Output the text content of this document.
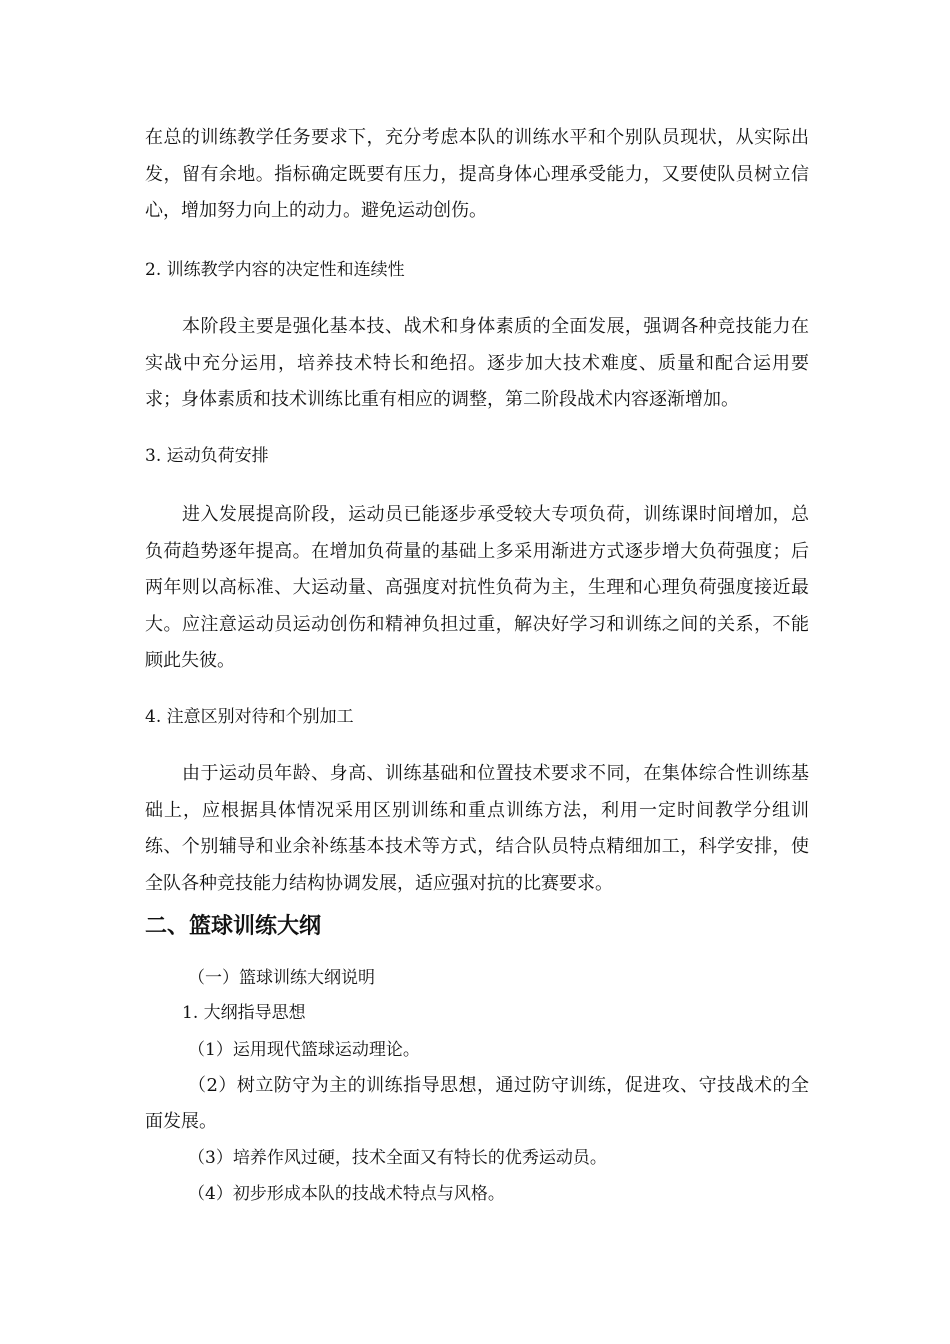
在总的训练教学任务要求下，充分考虑本队的训练水平和个别队员现状，从实际出发，留有余地。指标确定既要有压力，提高身体心理承受能力，又要使队员树立信心，增加努力向上的动力。避免运动创伤。

2. 训练教学内容的决定性和连续性

本阶段主要是强化基本技、战术和身体素质的全面发展，强调各种竞技能力在实战中充分运用，培养技术特长和绝招。逐步加大技术难度、质量和配合运用要求；身体素质和技术训练比重有相应的调整，第二阶段战术内容逐渐增加。

3. 运动负荷安排

进入发展提高阶段，运动员已能逐步承受较大专项负荷，训练课时间增加，总负荷趋势逐年提高。在增加负荷量的基础上多采用渐进方式逐步增大负荷强度；后两年则以高标准、大运动量、高强度对抗性负荷为主，生理和心理负荷强度接近最大。应注意运动员运动创伤和精神负担过重，解决好学习和训练之间的关系，不能顾此失彼。

4. 注意区别对待和个别加工

由于运动员年龄、身高、训练基础和位置技术要求不同，在集体综合性训练基础上，应根据具体情况采用区别训练和重点训练方法，利用一定时间教学分组训练、个别辅导和业余补练基本技术等方式，结合队员特点精细加工，科学安排，使全队各种竞技能力结构协调发展，适应强对抗的比赛要求。

二、篮球训练大纲

（一）篮球训练大纲说明

1. 大纲指导思想

（1）运用现代篮球运动理论。

（2）树立防守为主的训练指导思想，通过防守训练，促进攻、守技战术的全面发展。

（3）培养作风过硬，技术全面又有特长的优秀运动员。

（4）初步形成本队的技战术特点与风格。
